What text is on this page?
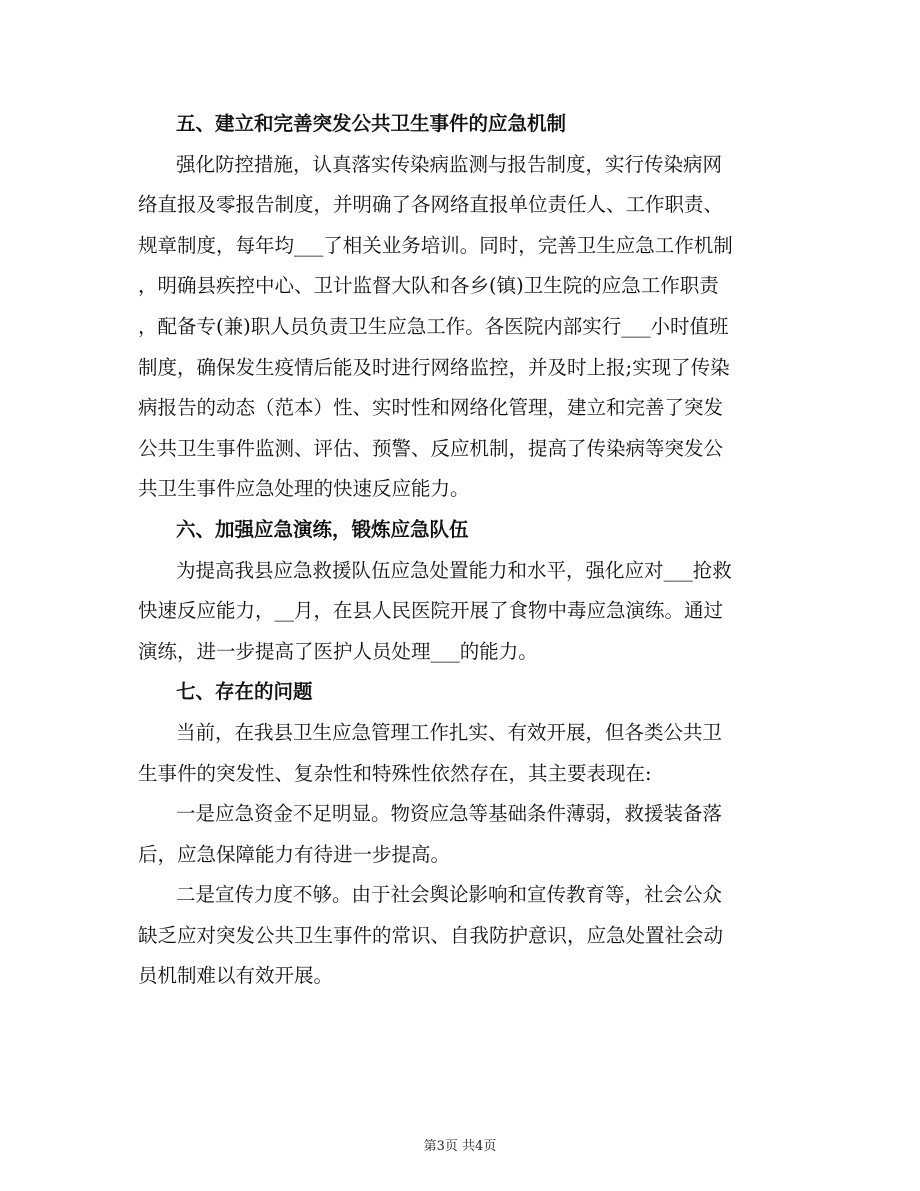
五、建立和完善突发公共卫生事件的应急机制
强化防控措施，认真落实传染病监测与报告制度，实行传染病网
络直报及零报告制度，并明确了各网络直报单位责任人、工作职责、
规章制度，每年均___了相关业务培训。同时，完善卫生应急工作机制
，明确县疾控中心、卫计监督大队和各乡(镇)卫生院的应急工作职责
，配备专(兼)职人员负责卫生应急工作。各医院内部实行___小时值班
制度，确保发生疫情后能及时进行网络监控，并及时上报;实现了传染
病报告的动态（范本）性、实时性和网络化管理，建立和完善了突发
公共卫生事件监测、评估、预警、反应机制，提高了传染病等突发公
共卫生事件应急处理的快速反应能力。
六、加强应急演练，锻炼应急队伍
为提高我县应急救援队伍应急处置能力和水平，强化应对___抢救
快速反应能力，__月，在县人民医院开展了食物中毒应急演练。通过
演练，进一步提高了医护人员处理___的能力。
七、存在的问题
当前，在我县卫生应急管理工作扎实、有效开展，但各类公共卫
生事件的突发性、复杂性和特殊性依然存在，其主要表现在:
一是应急资金不足明显。物资应急等基础条件薄弱，救援装备落
后，应急保障能力有待进一步提高。
二是宣传力度不够。由于社会舆论影响和宣传教育等，社会公众
缺乏应对突发公共卫生事件的常识、自我防护意识，应急处置社会动
员机制难以有效开展。
第3页 共4页
